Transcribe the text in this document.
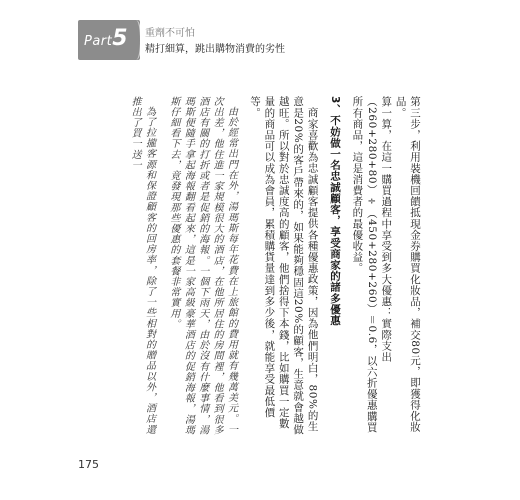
Part5 重劑不可怕
精打細算，跳出購物消費的劣性

第三步，利用裝機回饋抵現金券購買化妝品，補交80元，即獲得化妝品。

算一算，在這一購買過程中享受到多大優惠：實際支出（260+280+80）÷（450+280+260）＝0.6，以六折優惠購買所有商品，這是消費者的最優收益。

3、不妨做一名忠誠顧客，享受商家的諸多優惠

商家喜歡為忠誠顧客提供各種優惠政策，因為他們明白，80%的生意是20%的客戶帶來的，如果能夠穩固這20%的顧客，生意就會越做越旺。所以對於忠誠度高的顧客，他們捨得下本錢，比如購買一定數量的商品可以成為會員，累積購貨量達到多少後，就能享受最低價等。

由於經常出門在外，湯瑪斯每年花費在上旅館的費用就有幾萬美元。一次出差，他住進一家規模很大的酒店，在他所居住的房間裡，他看到很多酒店有關的打折或者是促銷的海報。一個下雨天，由於沒有什麼事情，湯瑪斯便隨手拿起海報翻看起來，這是一家高級豪華酒店的促銷海報，湯瑪斯仔細看下去，竟發現那些優惠的套餐非常實用。

為了拉攏客源和保證顧客的回房率，除了一些相對的贈品以外，酒店還推出了買一送一

175
